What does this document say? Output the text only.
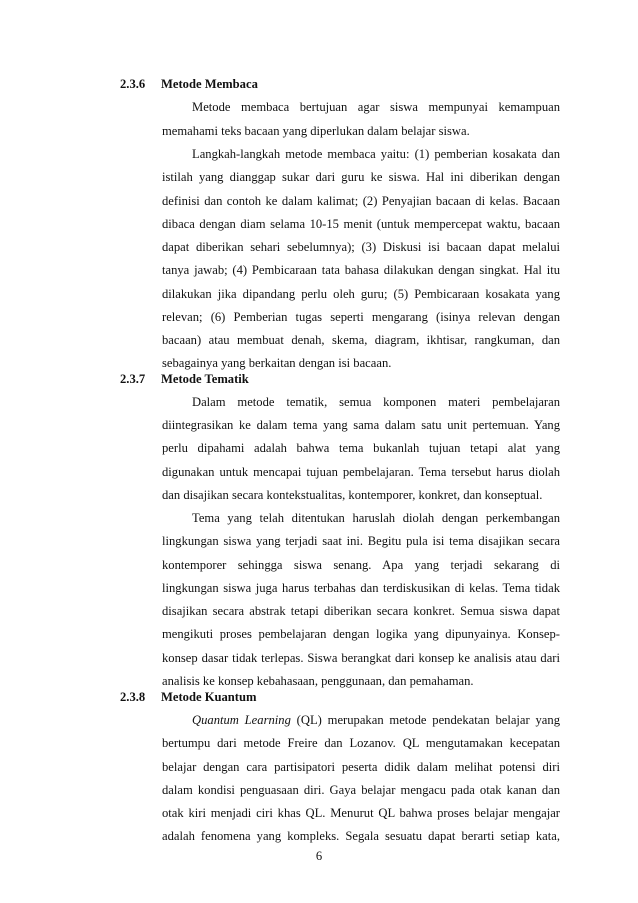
2.3.6 Metode Membaca
Metode membaca bertujuan agar siswa mempunyai kemampuan
memahami teks bacaan yang diperlukan dalam belajar siswa.
Langkah-langkah metode membaca yaitu: (1) pemberian kosakata dan
istilah yang dianggap sukar dari guru ke siswa. Hal ini diberikan dengan
definisi dan contoh ke dalam kalimat; (2) Penyajian bacaan di kelas. Bacaan
dibaca dengan diam selama 10-15 menit (untuk mempercepat waktu, bacaan
dapat diberikan sehari sebelumnya); (3) Diskusi isi bacaan dapat melalui
tanya jawab; (4) Pembicaraan tata bahasa dilakukan dengan singkat. Hal itu
dilakukan jika dipandang perlu oleh guru; (5) Pembicaraan kosakata yang
relevan; (6) Pemberian tugas seperti mengarang (isinya relevan dengan
bacaan) atau membuat denah, skema, diagram, ikhtisar, rangkuman, dan
sebagainya yang berkaitan dengan isi bacaan.
2.3.7 Metode Tematik
Dalam metode tematik, semua komponen materi pembelajaran
diintegrasikan ke dalam tema yang sama dalam satu unit pertemuan. Yang
perlu dipahami adalah bahwa tema bukanlah tujuan tetapi alat yang
digunakan untuk mencapai tujuan pembelajaran. Tema tersebut harus diolah
dan disajikan secara kontekstualitas, kontemporer, konkret, dan konseptual.
Tema yang telah ditentukan haruslah diolah dengan perkembangan
lingkungan siswa yang terjadi saat ini. Begitu pula isi tema disajikan secara
kontemporer sehingga siswa senang. Apa yang terjadi sekarang di
lingkungan siswa juga harus terbahas dan terdiskusikan di kelas. Tema tidak
disajikan secara abstrak tetapi diberikan secara konkret. Semua siswa dapat
mengikuti proses pembelajaran dengan logika yang dipunyainya. Konsep-
konsep dasar tidak terlepas. Siswa berangkat dari konsep ke analisis atau dari
analisis ke konsep kebahasaan, penggunaan, dan pemahaman.
2.3.8 Metode Kuantum
Quantum Learning (QL) merupakan metode pendekatan belajar yang
bertumpu dari metode Freire dan Lozanov. QL mengutamakan kecepatan
belajar dengan cara partisipatori peserta didik dalam melihat potensi diri
dalam kondisi penguasaan diri. Gaya belajar mengacu pada otak kanan dan
otak kiri menjadi ciri khas QL. Menurut QL bahwa proses belajar mengajar
adalah fenomena yang kompleks. Segala sesuatu dapat berarti setiap kata,
6
